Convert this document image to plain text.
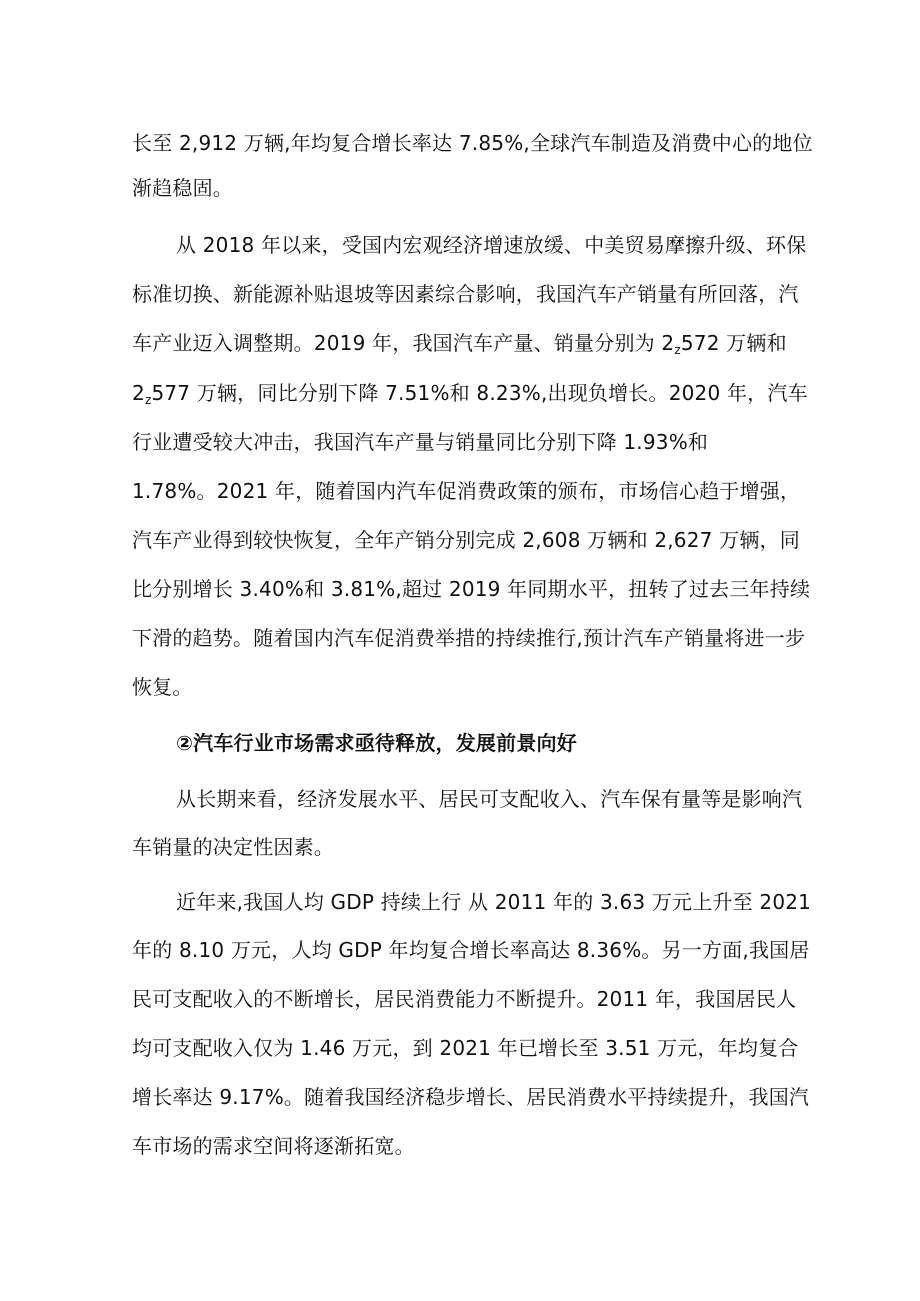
长至 2,912 万辆,年均复合增长率达 7.85%,全球汽车制造及消费中心的地位
渐趋稳固。
从 2018 年以来，受国内宏观经济增速放缓、中美贸易摩擦升级、环保
标准切换、新能源补贴退坡等因素综合影响，我国汽车产销量有所回落，汽
车产业迈入调整期。2019 年，我国汽车产量、销量分别为 $2_z572$ 万辆和
$2_z577$ 万辆，同比分别下降 7.51%和 8.23%,出现负增长。2020 年，汽车
行业遭受较大冲击，我国汽车产量与销量同比分别下降 1.93%和
1.78%。2021 年，随着国内汽车促消费政策的颁布，市场信心趋于增强，
汽车产业得到较快恢复，全年产销分别完成 2,608 万辆和 2,627 万辆，同
比分别增长 3.40%和 3.81%,超过 2019 年同期水平，扭转了过去三年持续
下滑的趋势。随着国内汽车促消费举措的持续推行,预计汽车产销量将进一步
恢复。
②汽车行业市场需求亟待释放，发展前景向好
从长期来看，经济发展水平、居民可支配收入、汽车保有量等是影响汽
车销量的决定性因素。
近年来,我国人均 GDP 持续上行 从 2011 年的 3.63 万元上升至 2021
年的 8.10 万元，人均 GDP 年均复合增长率高达 8.36%。另一方面,我国居
民可支配收入的不断增长，居民消费能力不断提升。2011 年，我国居民人
均可支配收入仅为 1.46 万元，到 2021 年已增长至 3.51 万元，年均复合
增长率达 9.17%。随着我国经济稳步增长、居民消费水平持续提升，我国汽
车市场的需求空间将逐渐拓宽。
